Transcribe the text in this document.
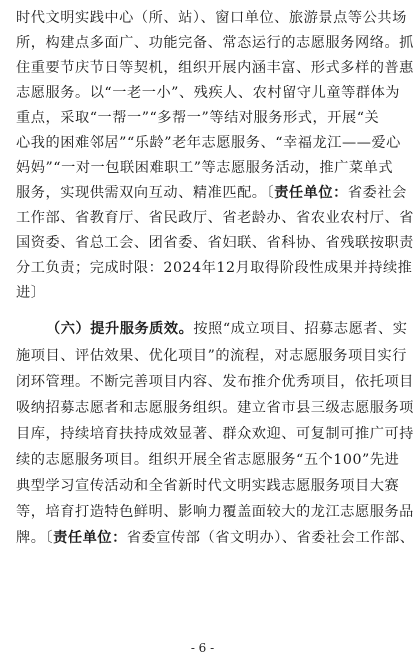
时代文明实践中心（所、站）、窗口单位、旅游景点等公共场
所，构建点多面广、功能完备、常态运行的志愿服务网络。抓
住重要节庆节日等契机，组织开展内涵丰富、形式多样的普惠
志愿服务。以“一老一小”、残疾人、农村留守儿童等群体为
重点，采取“一帮一”“多帮一”等结对服务形式，开展“关
心我的困难邻居”“乐龄”老年志愿服务、“幸福龙江——爱心
妈妈”“一对一包联困难职工”等志愿服务活动，推广菜单式
服务，实现供需双向互动、精准匹配。〔责任单位：省委社会
工作部、省教育厅、省民政厅、省老龄办、省农业农村厅、省
国资委、省总工会、团省委、省妇联、省科协、省残联按职责
分工负责；完成时限：2024年12月取得阶段性成果并持续推
进〕
（六）提升服务质效。按照“成立项目、招募志愿者、实
施项目、评估效果、优化项目”的流程，对志愿服务项目实行
闭环管理。不断完善项目内容、发布推介优秀项目，依托项目
吸纳招募志愿者和志愿服务组织。建立省市县三级志愿服务项
目库，持续培育扶持成效显著、群众欢迎、可复制可推广可持
续的志愿服务项目。组织开展全省志愿服务“五个100”先进
典型学习宣传活动和全省新时代文明实践志愿服务项目大赛
等，培育打造特色鲜明、影响力覆盖面较大的龙江志愿服务品
牌。〔责任单位：省委宣传部（省文明办）、省委社会工作部、
- 6 -
